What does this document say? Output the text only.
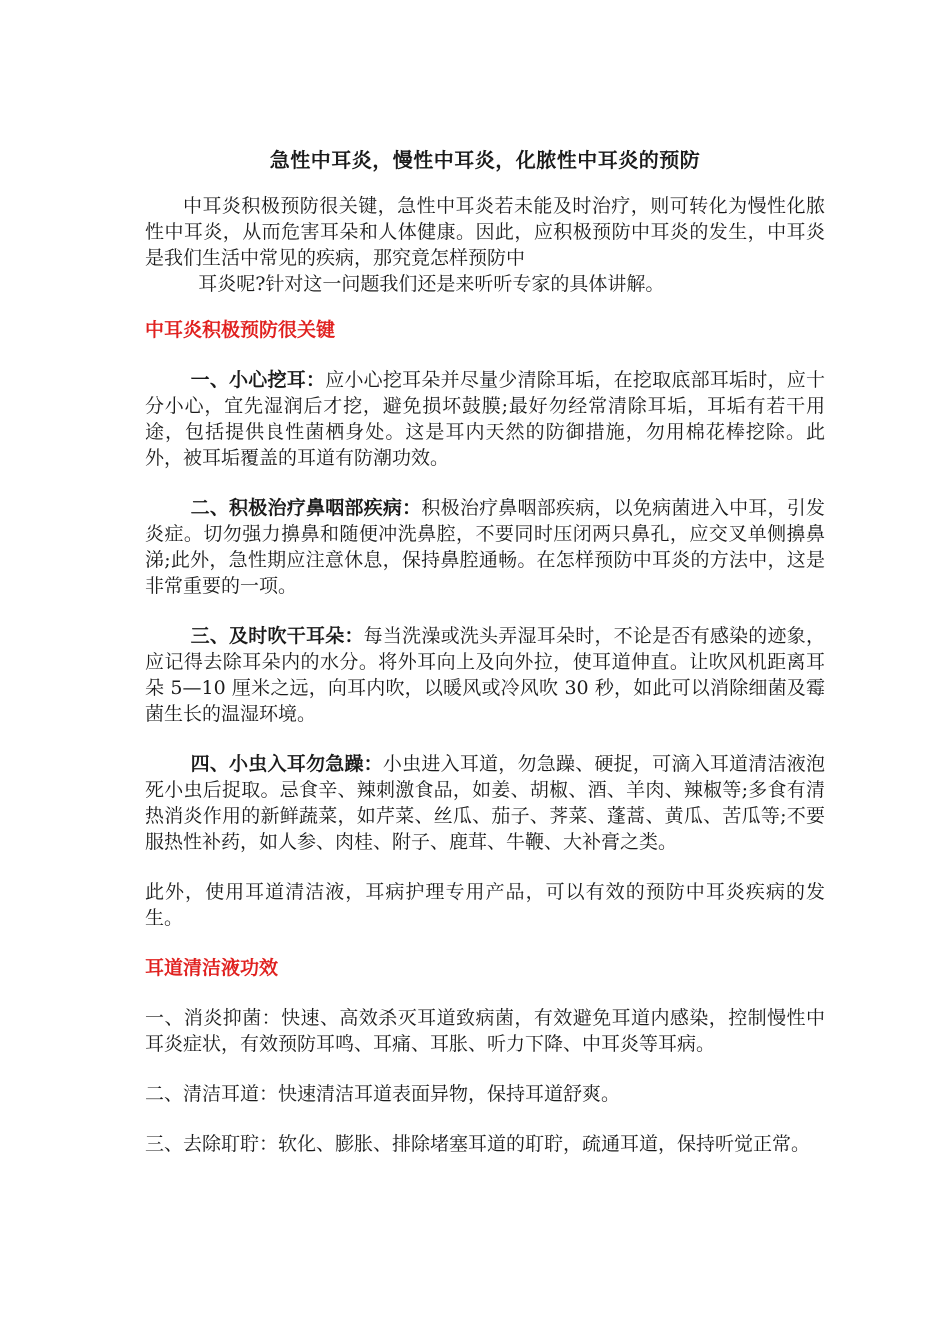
急性中耳炎，慢性中耳炎，化脓性中耳炎的预防

中耳炎积极预防很关键，急性中耳炎若未能及时治疗，则可转化为慢性化脓性中耳炎，从而危害耳朵和人体健康。因此，应积极预防中耳炎的发生，中耳炎是我们生活中常见的疾病，那究竟怎样预防中

耳炎呢?针对这一问题我们还是来听听专家的具体讲解。

中耳炎积极预防很关键

一、小心挖耳：应小心挖耳朵并尽量少清除耳垢，在挖取底部耳垢时，应十分小心，宜先湿润后才挖，避免损坏鼓膜;最好勿经常清除耳垢，耳垢有若干用途，包括提供良性菌栖身处。这是耳内天然的防御措施，勿用棉花棒挖除。此外，被耳垢覆盖的耳道有防潮功效。

二、积极治疗鼻咽部疾病：积极治疗鼻咽部疾病，以免病菌进入中耳，引发炎症。切勿强力擤鼻和随便冲洗鼻腔，不要同时压闭两只鼻孔，应交叉单侧擤鼻涕;此外，急性期应注意休息，保持鼻腔通畅。在怎样预防中耳炎的方法中，这是非常重要的一项。

三、及时吹干耳朵：每当洗澡或洗头弄湿耳朵时，不论是否有感染的迹象，应记得去除耳朵内的水分。将外耳向上及向外拉，使耳道伸直。让吹风机距离耳朵 5—10 厘米之远，向耳内吹，以暖风或冷风吹 30 秒，如此可以消除细菌及霉菌生长的温湿环境。

四、小虫入耳勿急躁：小虫进入耳道，勿急躁、硬捉，可滴入耳道清洁液泡死小虫后捉取。忌食辛、辣刺激食品，如姜、胡椒、酒、羊肉、辣椒等;多食有清热消炎作用的新鲜蔬菜，如芹菜、丝瓜、茄子、荠菜、蓬蒿、黄瓜、苦瓜等;不要服热性补药，如人参、肉桂、附子、鹿茸、牛鞭、大补膏之类。

此外，使用耳道清洁液，耳病护理专用产品，可以有效的预防中耳炎疾病的发生。

耳道清洁液功效

一、消炎抑菌：快速、高效杀灭耳道致病菌，有效避免耳道内感染，控制慢性中耳炎症状，有效预防耳鸣、耳痛、耳胀、听力下降、中耳炎等耳病。

二、清洁耳道：快速清洁耳道表面异物，保持耳道舒爽。

三、去除耵聍：软化、膨胀、排除堵塞耳道的耵聍，疏通耳道，保持听觉正常。
